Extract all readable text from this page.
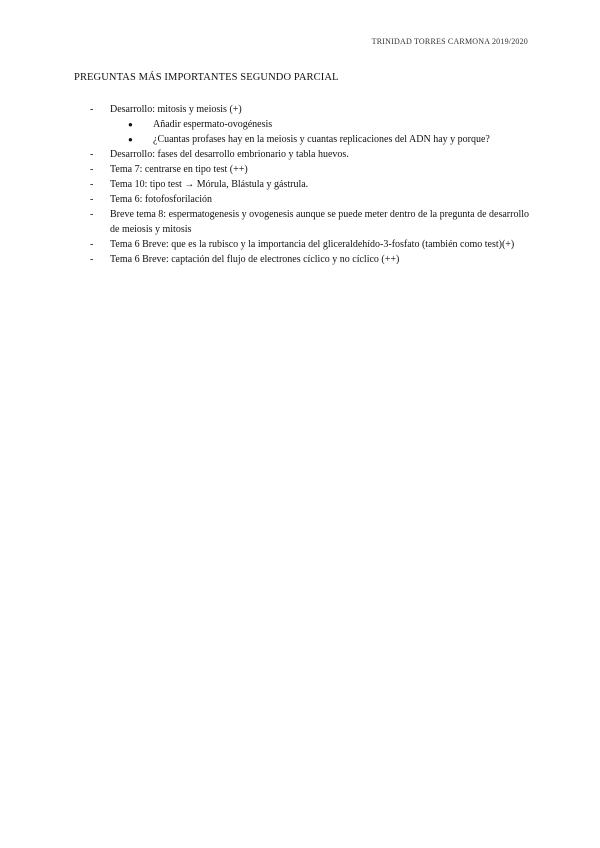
TRINIDAD TORRES CARMONA 2019/2020
PREGUNTAS MÁS IMPORTANTES SEGUNDO PARCIAL
- Desarrollo: mitosis y meiosis (+)
● Añadir espermato-ovogénesis
● ¿Cuantas profases hay en la meiosis y cuantas replicaciones del ADN hay y porque?
- Desarrollo: fases del desarrollo embrionario y tabla huevos.
- Tema 7: centrarse en tipo test (++)
- Tema 10: tipo test → Mórula, Blástula y gástrula.
- Tema 6: fotofosforilación
- Breve tema 8: espermatogenesis y ovogenesis aunque se puede meter dentro de la pregunta de desarrollo de meiosis y mitosis
- Tema 6 Breve: que es la rubisco y la importancia del gliceraldehído-3-fosfato (también como test)(+)
- Tema 6 Breve: captación del flujo de electrones cíclico y no cíclico (++)
